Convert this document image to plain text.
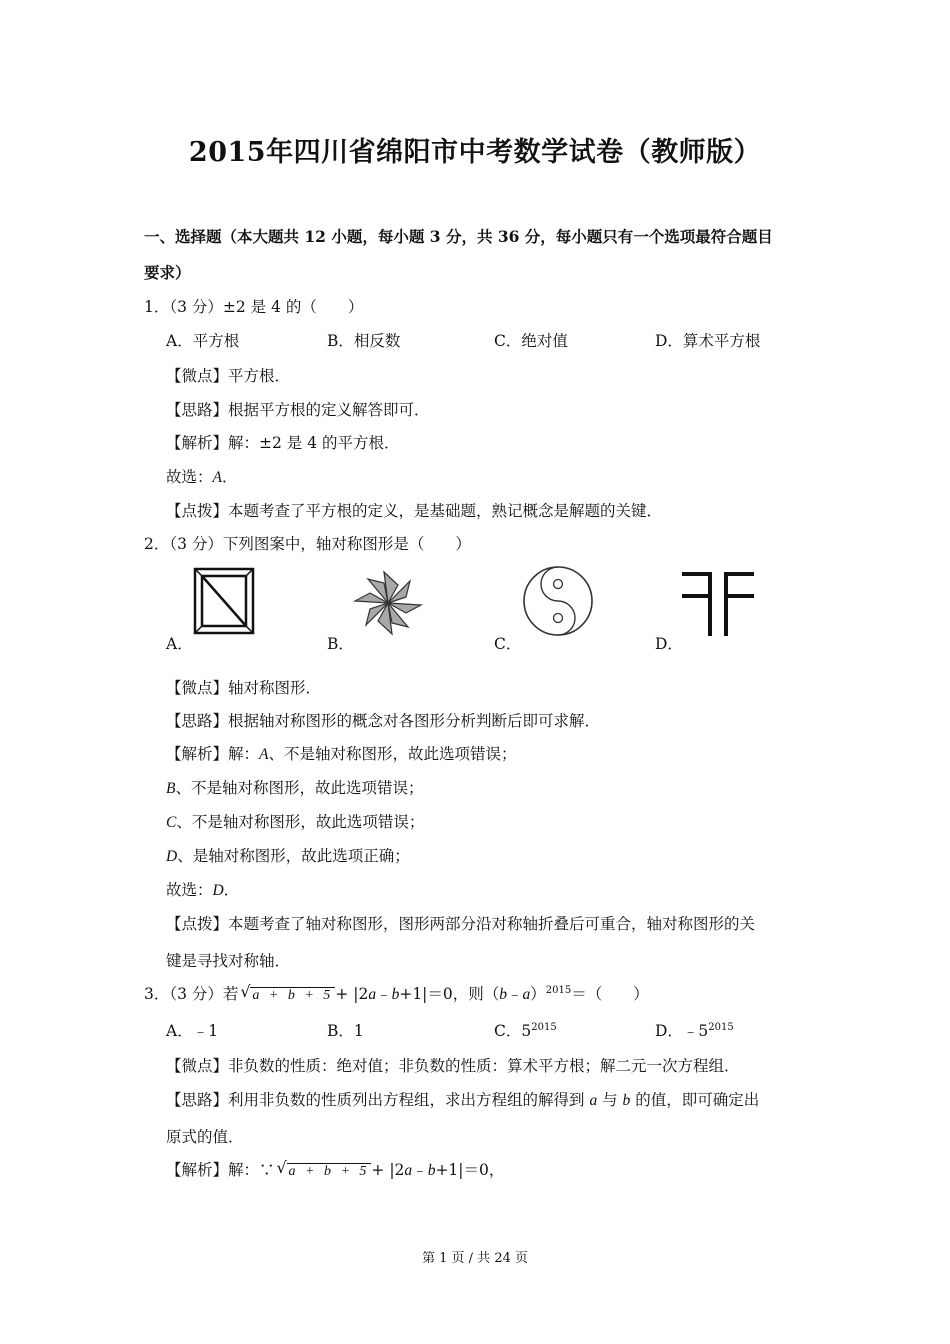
2015年四川省绵阳市中考数学试卷（教师版）
一、选择题（本大题共 12 小题，每小题 3 分，共 36 分，每小题只有一个选项最符合题目
要求）
1．（3 分）±2 是 4 的（　　）
A．平方根	B．相反数	C．绝对值	D．算术平方根
【微点】平方根．
【思路】根据平方根的定义解答即可．
【解析】解：±2 是 4 的平方根．
故选：A．
【点拨】本题考查了平方根的定义，是基础题，熟记概念是解题的关键．
2．（3 分）下列图案中，轴对称图形是（　　）
A．	B．	C．	D．
【微点】轴对称图形．
【思路】根据轴对称图形的概念对各图形分析判断后即可求解．
【解析】解：A、不是轴对称图形，故此选项错误；
B、不是轴对称图形，故此选项错误；
C、不是轴对称图形，故此选项错误；
D、是轴对称图形，故此选项正确；
故选：D．
【点拨】本题考查了轴对称图形，图形两部分沿对称轴折叠后可重合，轴对称图形的关
键是寻找对称轴．
3．（3 分）若 √ a + b + 5 + |2a﹣b+1|＝0，则（b﹣a）$^{2015}$＝（　　）
A．﹣1	B．1	C．$5^{2015}$	D．$﹣5^{2015}$
【微点】非负数的性质：绝对值；非负数的性质：算术平方根；解二元一次方程组．
【思路】利用非负数的性质列出方程组，求出方程组的解得到 a 与 b 的值，即可确定出
原式的值．
【解析】解：∵ √ a + b + 5 + |2a﹣b+1|＝0，
第 1 页 / 共 24 页
